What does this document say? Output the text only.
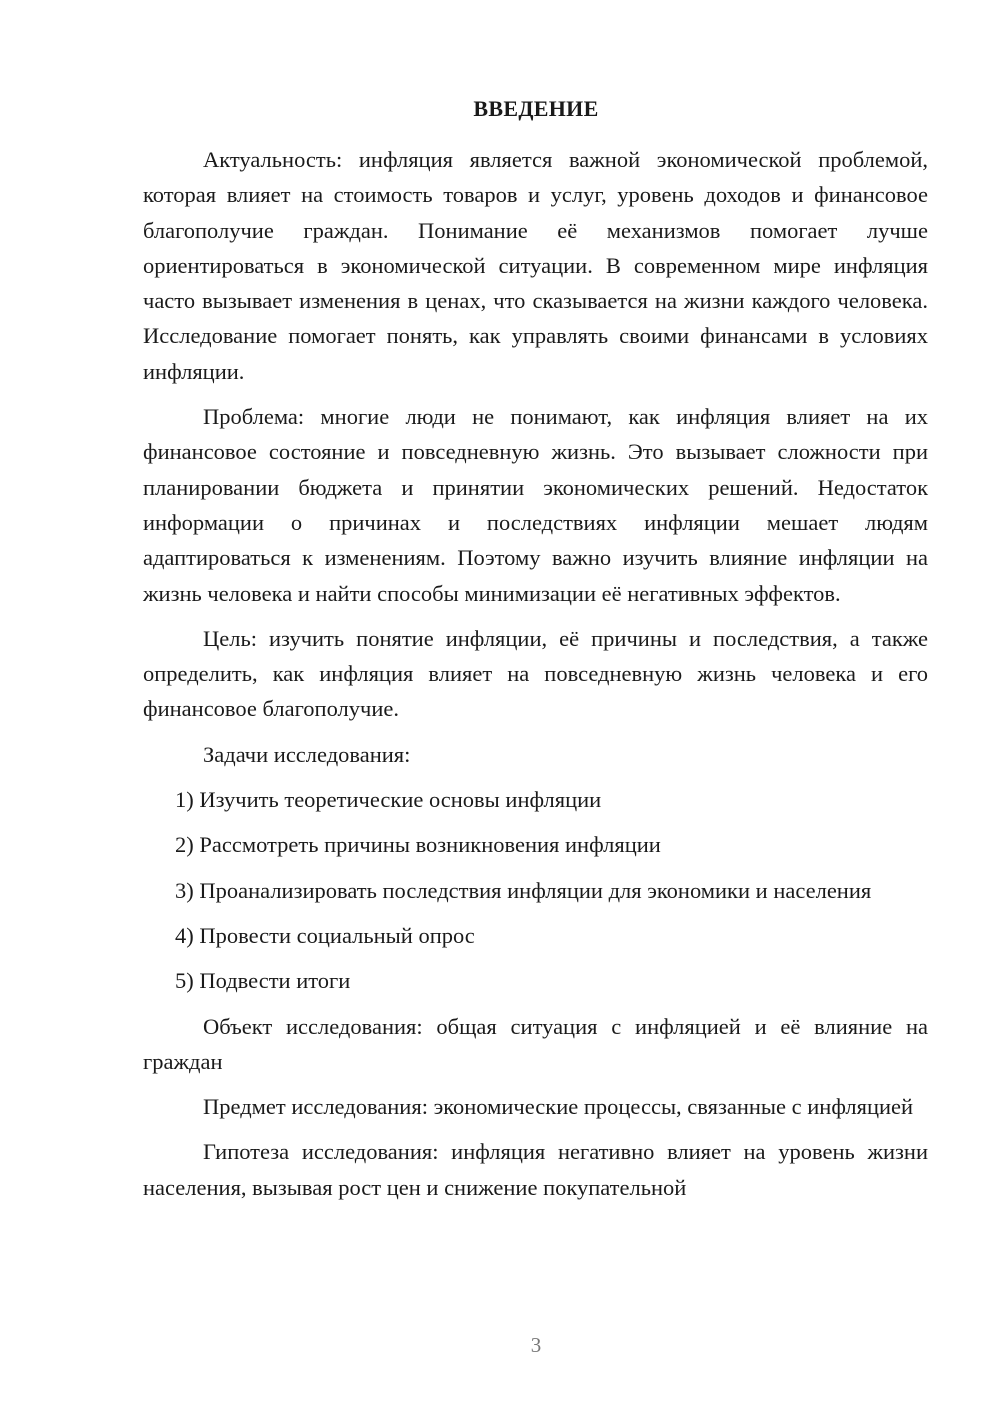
ВВЕДЕНИЕ

Актуальность: инфляция является важной экономической проблемой, которая влияет на стоимость товаров и услуг, уровень доходов и финансовое благополучие граждан. Понимание её механизмов помогает лучше ориентироваться в экономической ситуации. В современном мире инфляция часто вызывает изменения в ценах, что сказывается на жизни каждого человека. Исследование помогает понять, как управлять своими финансами в условиях инфляции.

Проблема: многие люди не понимают, как инфляция влияет на их финансовое состояние и повседневную жизнь. Это вызывает сложности при планировании бюджета и принятии экономических решений. Недостаток информации о причинах и последствиях инфляции мешает людям адаптироваться к изменениям. Поэтому важно изучить влияние инфляции на жизнь человека и найти способы минимизации её негативных эффектов.

Цель: изучить понятие инфляции, её причины и последствия, а также определить, как инфляция влияет на повседневную жизнь человека и его финансовое благополучие.

Задачи исследования:

1) Изучить теоретические основы инфляции

2) Рассмотреть причины возникновения инфляции

3) Проанализировать последствия инфляции для экономики и населения

4) Провести социальный опрос

5) Подвести итоги

Объект исследования: общая ситуация с инфляцией и её влияние на граждан

Предмет исследования: экономические процессы, связанные с инфляцией

Гипотеза исследования: инфляция негативно влияет на уровень жизни населения, вызывая рост цен и снижение покупательной

3
